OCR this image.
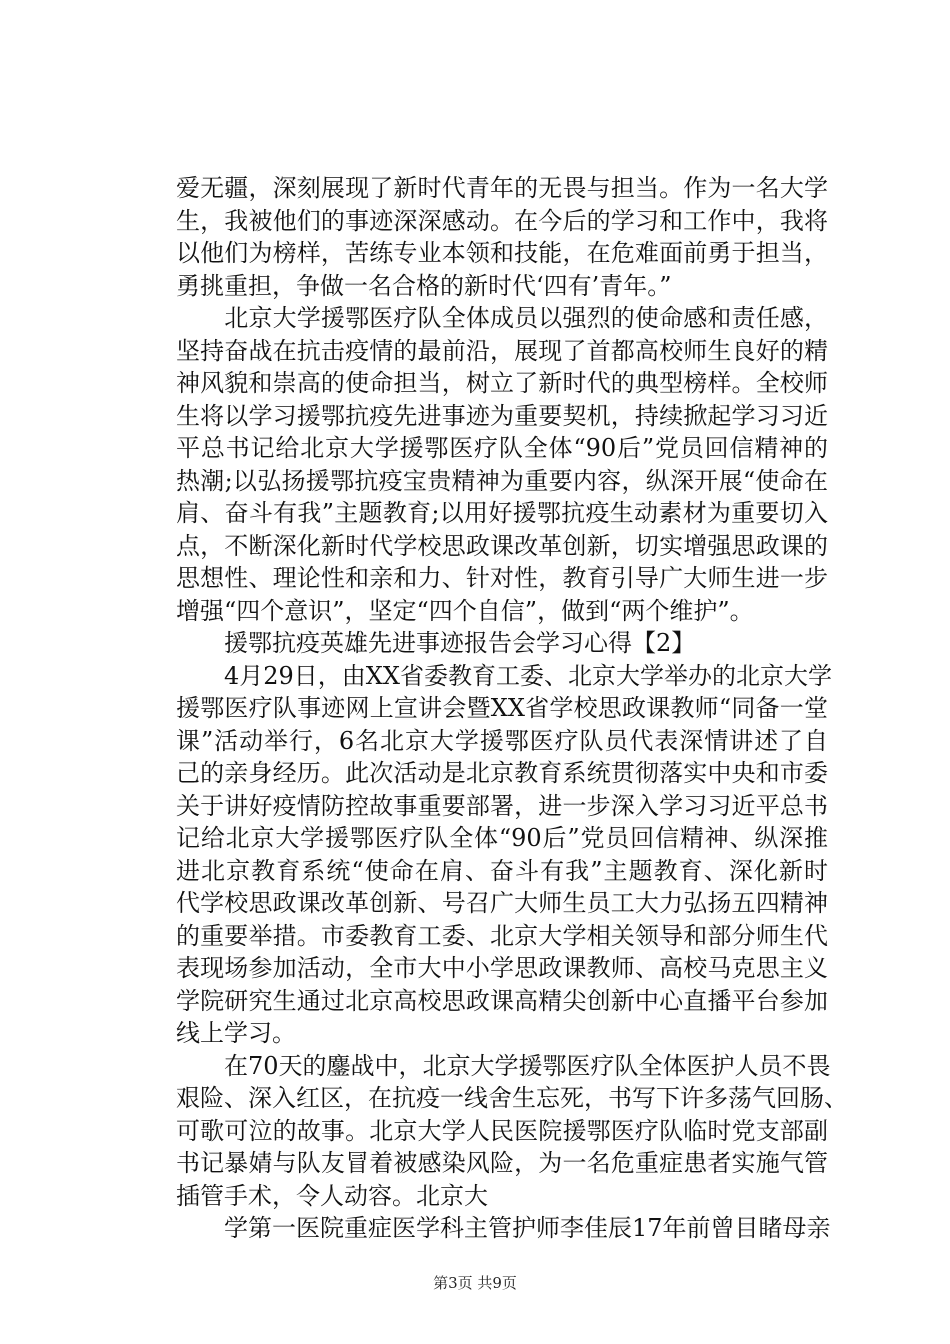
爱无疆，深刻展现了新时代青年的无畏与担当。作为一名大学
生，我被他们的事迹深深感动。在今后的学习和工作中，我将
以他们为榜样，苦练专业本领和技能，在危难面前勇于担当，
勇挑重担，争做一名合格的新时代‘四有’青年。”
　　北京大学援鄂医疗队全体成员以强烈的使命感和责任感，
坚持奋战在抗击疫情的最前沿，展现了首都高校师生良好的精
神风貌和崇高的使命担当，树立了新时代的典型榜样。全校师
生将以学习援鄂抗疫先进事迹为重要契机，持续掀起学习习近
平总书记给北京大学援鄂医疗队全体“90后”党员回信精神的
热潮;以弘扬援鄂抗疫宝贵精神为重要内容，纵深开展“使命在
肩、奋斗有我”主题教育;以用好援鄂抗疫生动素材为重要切入
点，不断深化新时代学校思政课改革创新，切实增强思政课的
思想性、理论性和亲和力、针对性，教育引导广大师生进一步
增强“四个意识”，坚定“四个自信”，做到“两个维护”。
　　援鄂抗疫英雄先进事迹报告会学习心得【2】
　　4月29日，由XX省委教育工委、北京大学举办的北京大学
援鄂医疗队事迹网上宣讲会暨XX省学校思政课教师“同备一堂
课”活动举行，6名北京大学援鄂医疗队员代表深情讲述了自
己的亲身经历。此次活动是北京教育系统贯彻落实中央和市委
关于讲好疫情防控故事重要部署，进一步深入学习习近平总书
记给北京大学援鄂医疗队全体“90后”党员回信精神、纵深推
进北京教育系统“使命在肩、奋斗有我”主题教育、深化新时
代学校思政课改革创新、号召广大师生员工大力弘扬五四精神
的重要举措。市委教育工委、北京大学相关领导和部分师生代
表现场参加活动，全市大中小学思政课教师、高校马克思主义
学院研究生通过北京高校思政课高精尖创新中心直播平台参加
线上学习。
　　在70天的鏖战中，北京大学援鄂医疗队全体医护人员不畏
艰险、深入红区，在抗疫一线舍生忘死，书写下许多荡气回肠、
可歌可泣的故事。北京大学人民医院援鄂医疗队临时党支部副
书记暴婧与队友冒着被感染风险，为一名危重症患者实施气管
插管手术，令人动容。北京大
　　学第一医院重症医学科主管护师李佳辰17年前曾目睹母亲
第3页 共9页
